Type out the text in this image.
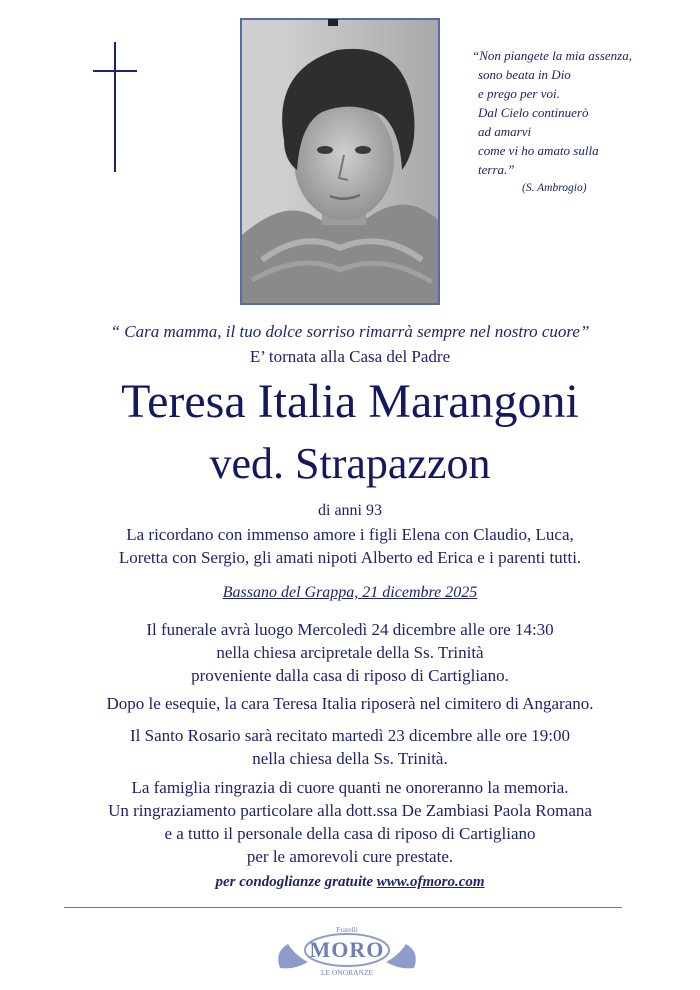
“Non piangete la mia assenza,
sono beata in Dio
e prego per voi.
Dal Cielo continuerò
ad amarvi
come vi ho amato sulla
terra.”
(S. Ambrogio)
“ Cara mamma, il tuo dolce sorriso rimarrà sempre nel nostro cuore”
E’ tornata alla Casa del Padre
Teresa Italia Marangoni
ved. Strapazzon
di anni 93
La ricordano con immenso amore i figli Elena con Claudio, Luca,
Loretta con Sergio, gli amati nipoti Alberto ed Erica e i parenti tutti.
Bassano del Grappa, 21 dicembre 2025
Il funerale avrà luogo Mercoledì 24 dicembre alle ore 14:30
nella chiesa arcipretale della Ss. Trinità
proveniente dalla casa di riposo di Cartigliano.
Dopo le esequie, la cara Teresa Italia riposerà nel cimitero di Angarano.
Il Santo Rosario sarà recitato martedì 23 dicembre alle ore 19:00
nella chiesa della Ss. Trinità.
La famiglia ringrazia di cuore quanti ne onoreranno la memoria.
Un ringraziamento particolare alla dott.ssa De Zambiasi Paola Romana
e a tutto il personale della casa di riposo di Cartigliano
per le amorevoli cure prestate.
per condoglianze gratuite www.ofmoro.com
Fratelli
MORO
LE ONORANZE
